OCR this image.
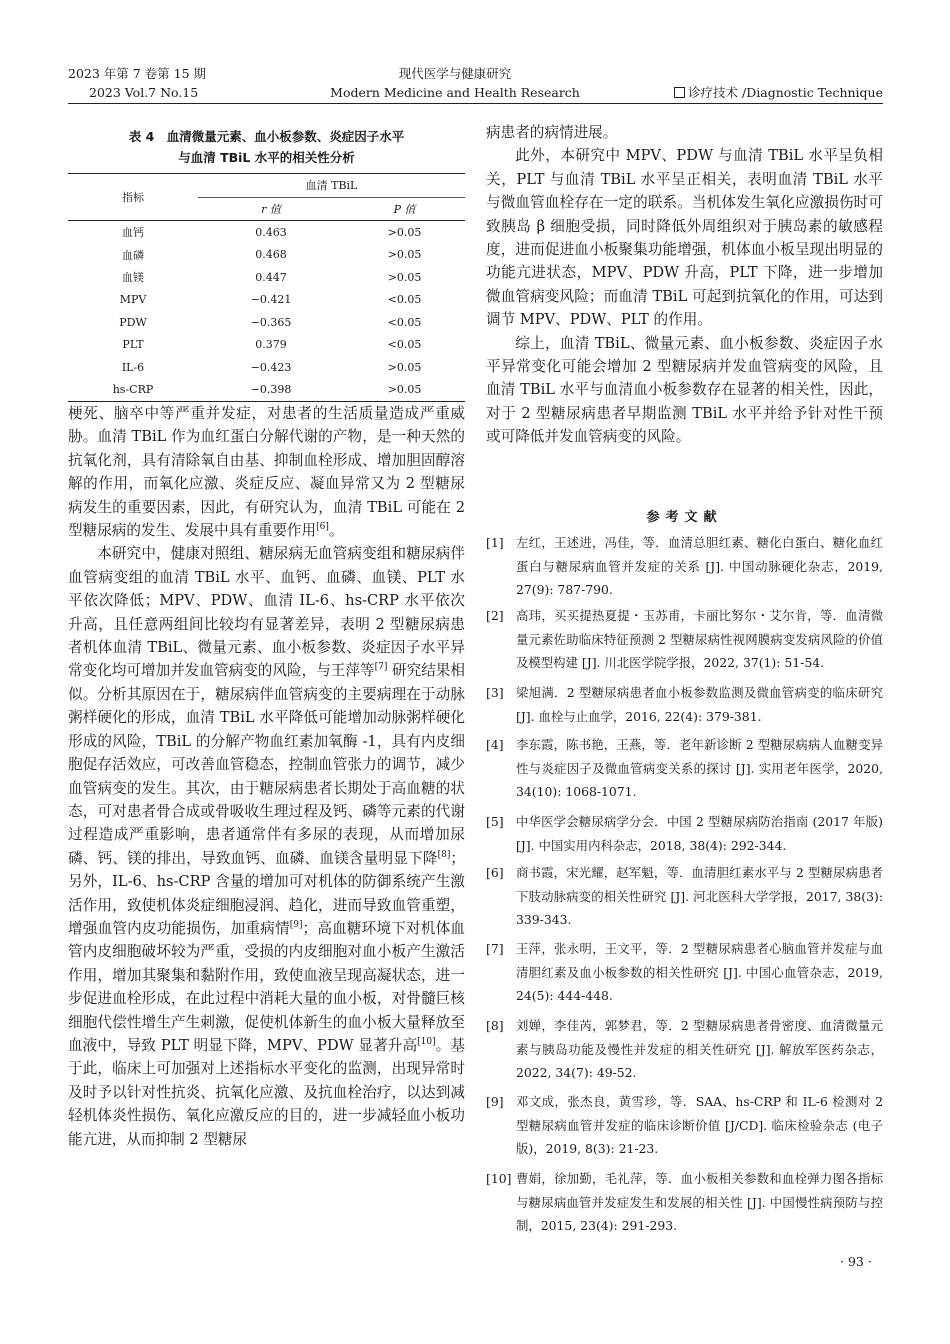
2023 年第 7 卷第 15 期
2023 Vol.7 No.15
现代医学与健康研究
Modern Medicine and Health Research	诊疗技术 /Diagnostic Technique
表 4　血清微量元素、血小板参数、炎症因子水平
与血清 TBiL 水平的相关性分析
指标	血清 TBiL	
	r 值	P 值
血钙	0.463	>0.05
血磷	0.468	>0.05
血镁	0.447	>0.05
MPV	−0.421	<0.05
PDW	−0.365	<0.05
PLT	0.379	<0.05
IL-6	−0.423	>0.05
hs-CRP	−0.398	>0.05

梗死、脑卒中等严重并发症，对患者的生活质量造成严重威胁。血清 TBiL 作为血红蛋白分解代谢的产物，是一种天然的抗氧化剂，具有清除氧自由基、抑制血栓形成、增加胆固醇溶解的作用，而氧化应激、炎症反应、凝血异常又为 2 型糖尿病发生的重要因素，因此，有研究认为，血清 TBiL 可能在 2 型糖尿病的发生、发展中具有重要作用[6]。

本研究中，健康对照组、糖尿病无血管病变组和糖尿病伴血管病变组的血清 TBiL 水平、血钙、血磷、血镁、PLT 水平依次降低；MPV、PDW、血清 IL-6、hs-CRP 水平依次升高，且任意两组间比较均有显著差异，表明 2 型糖尿病患者机体血清 TBiL、微量元素、血小板参数、炎症因子水平异常变化均可增加并发血管病变的风险，与王萍等[7] 研究结果相似。分析其原因在于，糖尿病伴血管病变的主要病理在于动脉粥样硬化的形成，血清 TBiL 水平降低可能增加动脉粥样硬化形成的风险，TBiL 的分解产物血红素加氧酶 -1，具有内皮细胞促存活效应，可改善血管稳态，控制血管张力的调节，减少血管病变的发生。其次，由于糖尿病患者长期处于高血糖的状态，可对患者骨合成或骨吸收生理过程及钙、磷等元素的代谢过程造成严重影响，患者通常伴有多尿的表现，从而增加尿磷、钙、镁的排出，导致血钙、血磷、血镁含量明显下降[8]；另外，IL-6、hs-CRP 含量的增加可对机体的防御系统产生激活作用，致使机体炎症细胞浸润、趋化，进而导致血管重塑，增强血管内皮功能损伤，加重病情[9]；高血糖环境下对机体血管内皮细胞破坏较为严重，受损的内皮细胞对血小板产生激活作用，增加其聚集和黏附作用，致使血液呈现高凝状态，进一步促进血栓形成，在此过程中消耗大量的血小板，对骨髓巨核细胞代偿性增生产生刺激，促使机体新生的血小板大量释放至血液中，导致 PLT 明显下降，MPV、PDW 显著升高[10]。基于此，临床上可加强对上述指标水平变化的监测，出现异常时及时予以针对性抗炎、抗氧化应激、及抗血栓治疗，以达到减轻机体炎性损伤、氧化应激反应的目的，进一步减轻血小板功能亢进，从而抑制 2 型糖尿

病患者的病情进展。

此外，本研究中 MPV、PDW 与血清 TBiL 水平呈负相关，PLT 与血清 TBiL 水平呈正相关，表明血清 TBiL 水平与微血管血栓存在一定的联系。当机体发生氧化应激损伤时可致胰岛 β 细胞受损，同时降低外周组织对于胰岛素的敏感程度，进而促进血小板聚集功能增强，机体血小板呈现出明显的功能亢进状态，MPV、PDW 升高，PLT 下降，进一步增加微血管病变风险；而血清 TBiL 可起到抗氧化的作用，可达到调节 MPV、PDW、PLT 的作用。

综上，血清 TBiL、微量元素、血小板参数、炎症因子水平异常变化可能会增加 2 型糖尿病并发血管病变的风险，且血清 TBiL 水平与血清血小板参数存在显著的相关性，因此，对于 2 型糖尿病患者早期监测 TBiL 水平并给予针对性干预或可降低并发血管病变的风险。

参考文献
[1] 左红，王述进，冯佳，等．血清总胆红素、糖化白蛋白、糖化血红蛋白与糖尿病血管并发症的关系 [J]. 中国动脉硬化杂志，2019, 27(9): 787-790.
[2] 高玮，买买提热夏提・玉苏甫，卡丽比努尔・艾尔肯，等．血清微量元素佐助临床特征预测 2 型糖尿病性视网膜病变发病风险的价值及模型构建 [J]. 川北医学院学报，2022, 37(1): 51-54.
[3] 梁旭满．2 型糖尿病患者血小板参数监测及微血管病变的临床研究 [J]. 血栓与止血学，2016, 22(4): 379-381.
[4] 李东霞，陈书艳，王燕，等．老年新诊断 2 型糖尿病病人血糖变异性与炎症因子及微血管病变关系的探讨 [J]. 实用老年医学，2020, 34(10): 1068-1071.
[5] 中华医学会糖尿病学分会．中国 2 型糖尿病防治指南 (2017 年版)[J]. 中国实用内科杂志，2018, 38(4): 292-344.
[6] 商书霞，宋光耀，赵军魁，等．血清胆红素水平与 2 型糖尿病患者下肢动脉病变的相关性研究 [J]. 河北医科大学学报，2017, 38(3): 339-343.
[7] 王萍，张永明，王文平，等．2 型糖尿病患者心脑血管并发症与血清胆红素及血小板参数的相关性研究 [J]. 中国心血管杂志，2019, 24(5): 444-448.
[8] 刘婵，李佳芮，郭梦君，等．2 型糖尿病患者骨密度、血清微量元素与胰岛功能及慢性并发症的相关性研究 [J]. 解放军医药杂志，2022, 34(7): 49-52.
[9] 邓文成，张杰良，黄雪珍，等．SAA、hs-CRP 和 IL-6 检测对 2 型糖尿病血管并发症的临床诊断价值 [J/CD]. 临床检验杂志 (电子版)，2019, 8(3): 21-23.
[10] 曹娟，徐加勤，毛礼萍，等．血小板相关参数和血栓弹力图各指标与糖尿病血管并发症发生和发展的相关性 [J]. 中国慢性病预防与控制，2015, 23(4): 291-293.
· 93 ·
